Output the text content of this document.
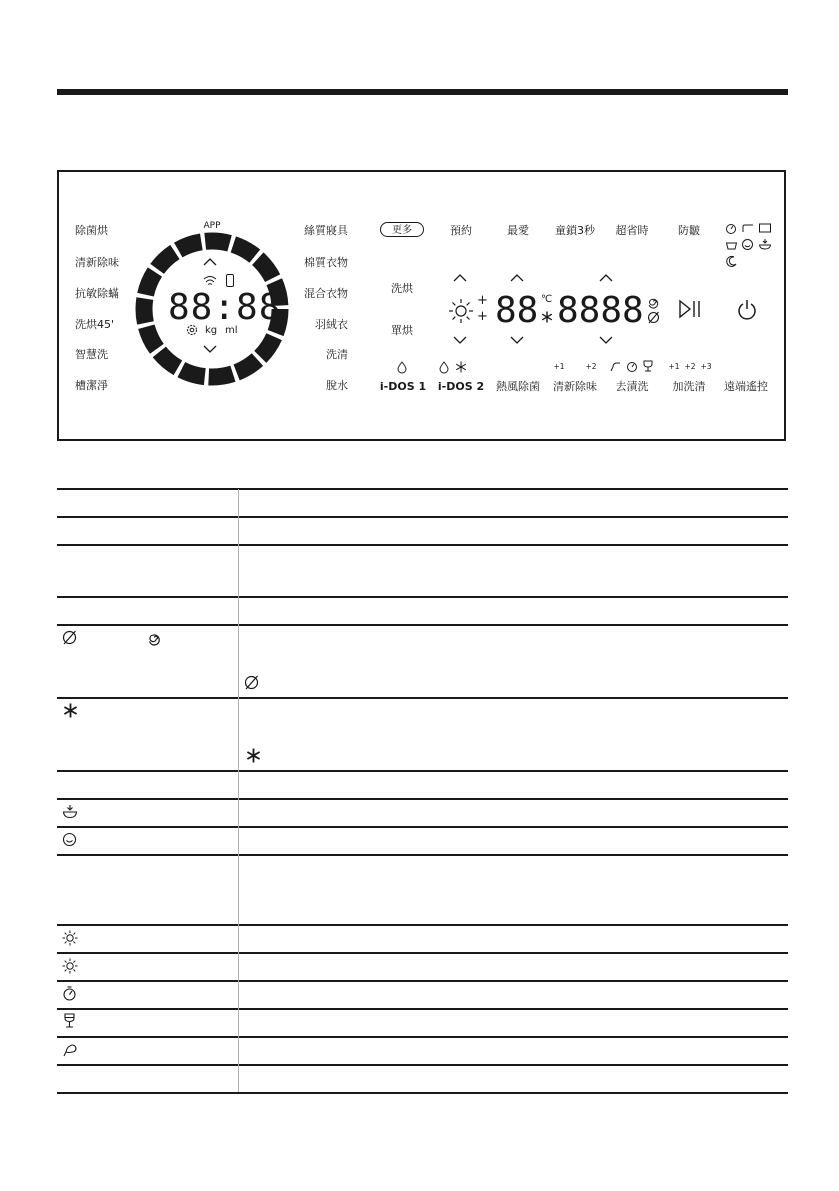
除菌烘
清新除味
抗敏除蟎
洗烘45'
智慧洗
槽潔淨
絲質寢具
棉質衣物
混合衣物
羽絨衣
洗清
脫水
APP
88:88
kg ml
洗烘
單烘
更多	預約	最愛 童鎖3秒 超省時	防皺
+
+ 88 ℃ 8888
+1	+2	+1 +2 +3
i-DOS 1 i-DOS 2 熱風除菌 清新除味 去漬洗 加洗清 遠端遙控
